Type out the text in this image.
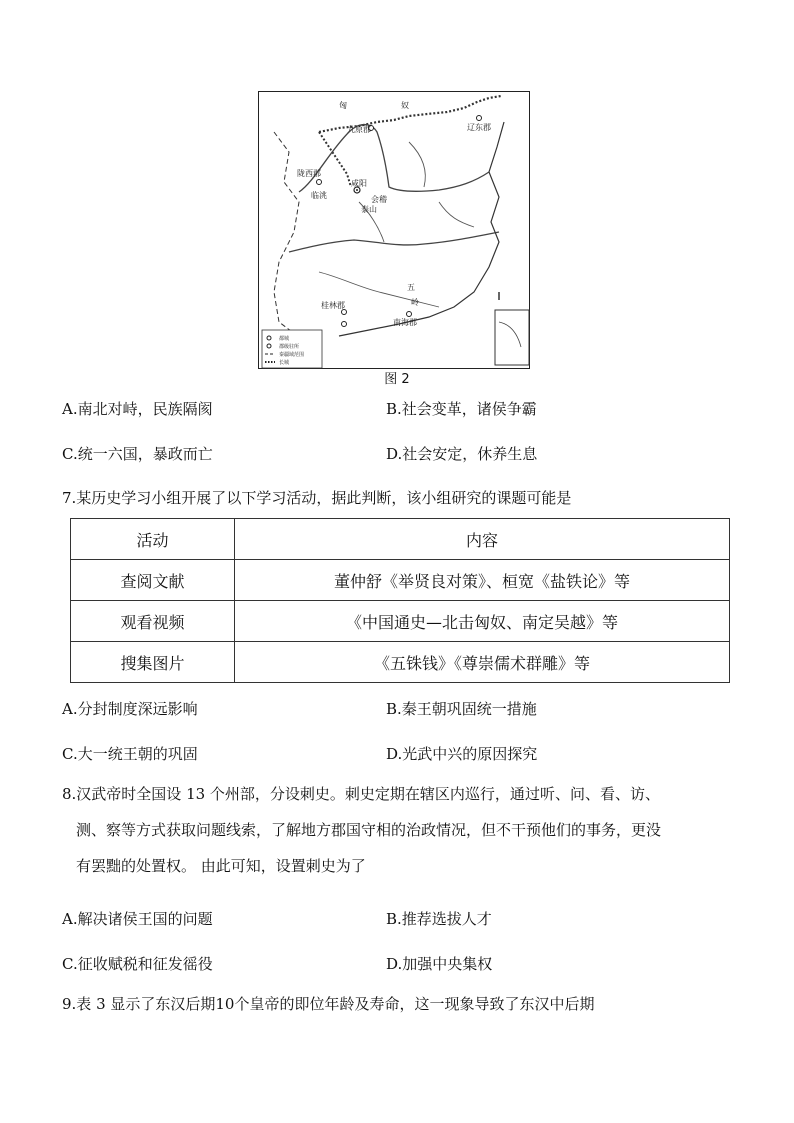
匈	奴
辽东郡
九原郡
陇西郡
咸阳
临洮	会稽
泰山
五
岭
桂林郡
南海郡
都城
郡级驻所
秦疆域范围
长城
图 2
A.南北对峙，民族隔阂	B.社会变革，诸侯争霸
C.统一六国，暴政而亡	D.社会安定，休养生息
7.某历史学习小组开展了以下学习活动，据此判断，该小组研究的课题可能是
活动	内容
查阅文献	董仲舒《举贤良对策》、桓宽《盐铁论》等
观看视频	《中国通史—北击匈奴、南定吴越》等
搜集图片	《五铢钱》《尊崇儒术群雕》等
A.分封制度深远影响	B.秦王朝巩固统一措施
C.大一统王朝的巩固	D.光武中兴的原因探究
8.汉武帝时全国设 13 个州部，分设刺史。刺史定期在辖区内巡行，通过听、问、看、访、
测、察等方式获取问题线索，了解地方郡国守相的治政情况，但不干预他们的事务，更没
有罢黜的处置权。 由此可知，设置刺史为了
A.解决诸侯王国的问题	B.推荐选拔人才
C.征收赋税和征发徭役	D.加强中央集权
9.表 3 显示了东汉后期10个皇帝的即位年龄及寿命，这一现象导致了东汉中后期
